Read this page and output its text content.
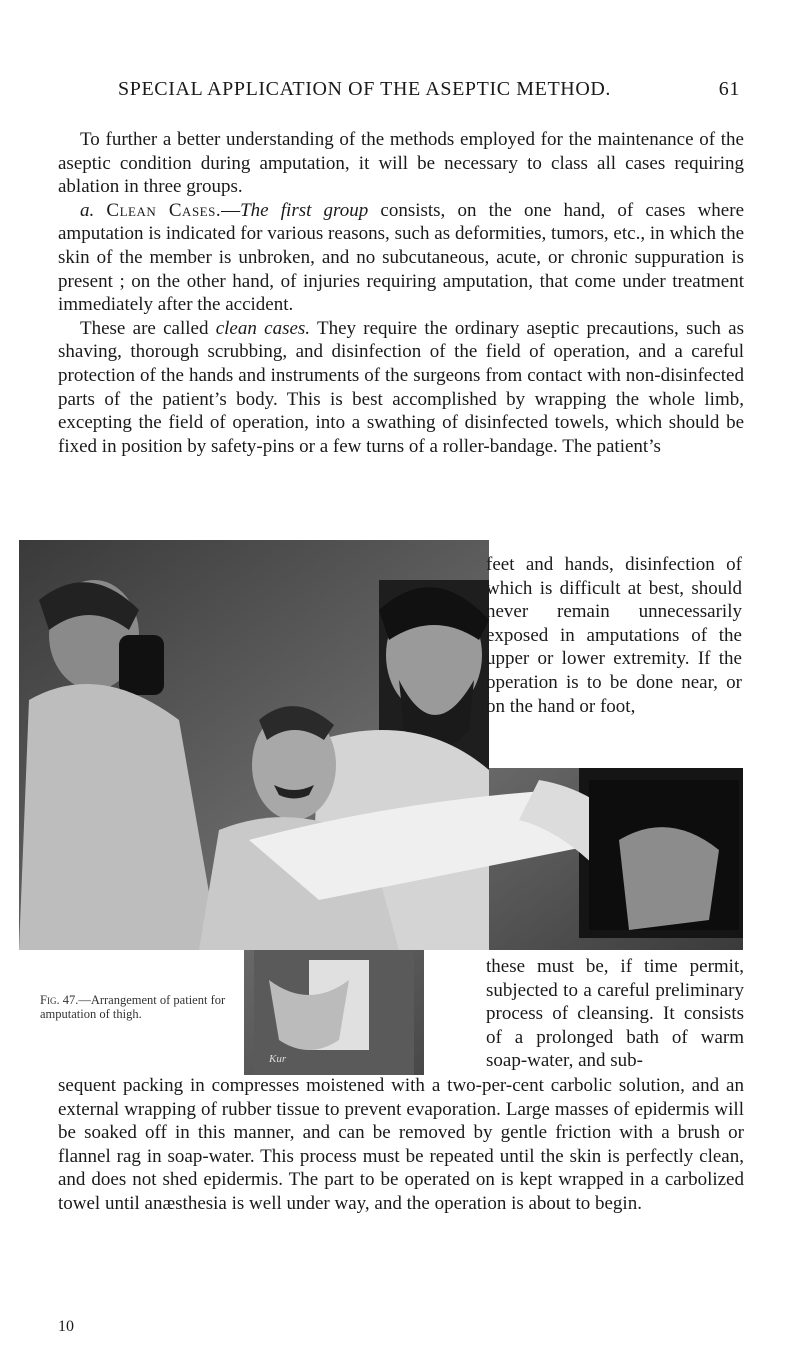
SPECIAL APPLICATION OF THE ASEPTIC METHOD.	61

To further a better understanding of the methods employed for the maintenance of the aseptic condition during amputation, it will be necessary to class all cases requiring ablation in three groups.

a. Clean Cases.—The first group consists, on the one hand, of cases where amputation is indicated for various reasons, such as deformities, tumors, etc., in which the skin of the member is unbroken, and no subcutaneous, acute, or chronic suppuration is present ; on the other hand, of injuries requiring amputation, that come under treatment immediately after the accident.

These are called clean cases. They require the ordinary aseptic precautions, such as shaving, thorough scrubbing, and disinfection of the field of operation, and a careful protection of the hands and instruments of the surgeons from contact with non-disinfected parts of the patient’s body. This is best accomplished by wrapping the whole limb, excepting the field of operation, into a swathing of disinfected towels, which should be fixed in position by safety-pins or a few turns of a roller-bandage. The patient’s

Kur
feet and hands, disinfection of which is difficult at best, should never remain unnecessarily exposed in amputations of the upper or lower extremity. If the operation is to be done near, or on the hand or foot,
these must be, if time permit, subjected to a careful preliminary process of cleansing. It consists of a prolonged bath of warm soap-water, and sub-
Fig. 47.—Arrangement of patient for amputation of thigh.

sequent packing in compresses moistened with a two-per-cent carbolic solution, and an external wrapping of rubber tissue to prevent evaporation. Large masses of epidermis will be soaked off in this manner, and can be removed by gentle friction with a brush or flannel rag in soap-water. This process must be repeated until the skin is perfectly clean, and does not shed epidermis. The part to be operated on is kept wrapped in a carbolized towel until anæsthesia is well under way, and the operation is about to begin.

10
